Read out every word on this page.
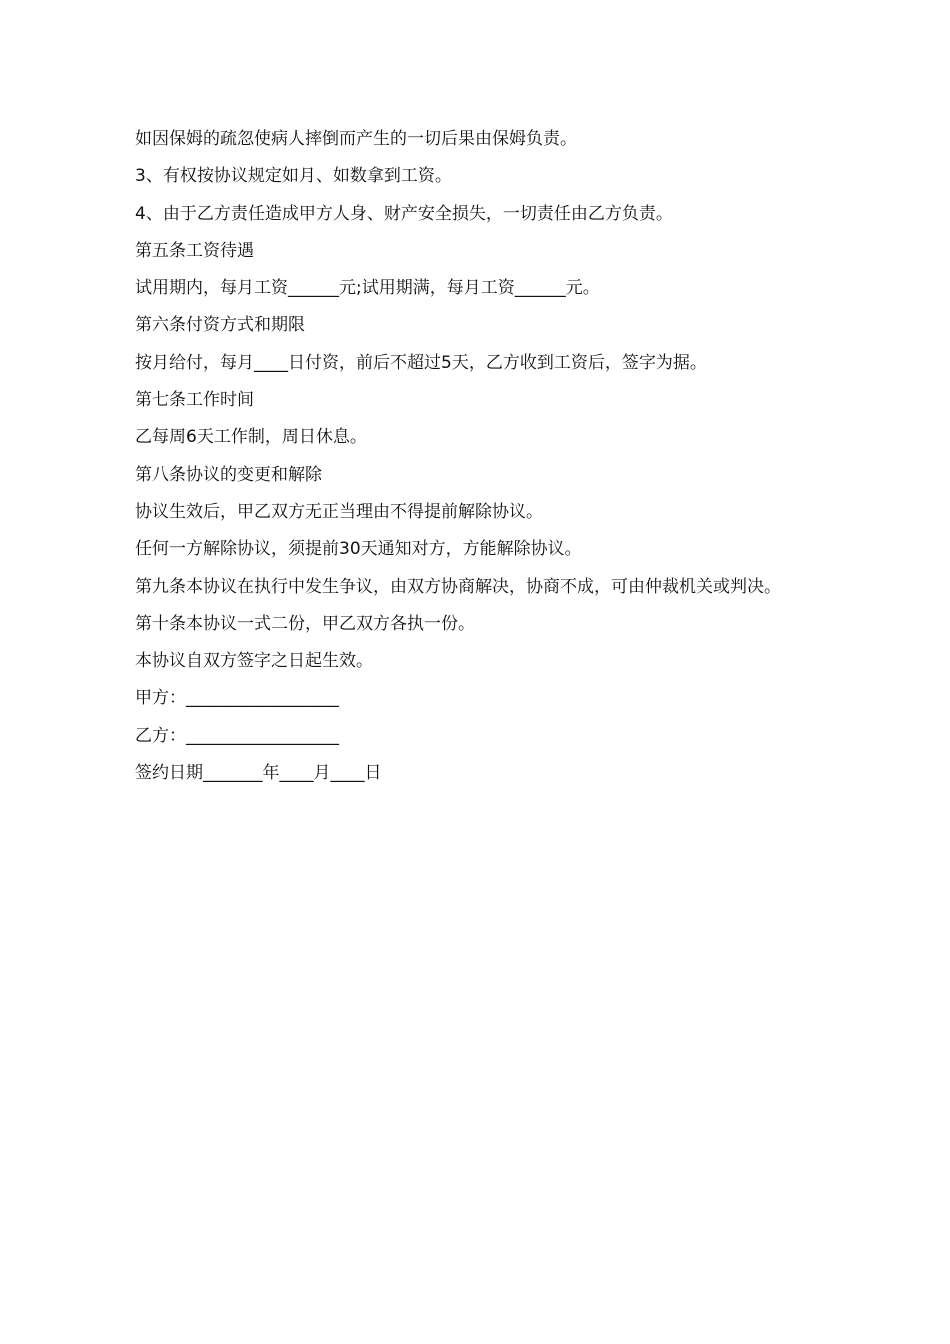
如因保姆的疏忽使病人摔倒而产生的一切后果由保姆负责。

3、有权按协议规定如月、如数拿到工资。

4、由于乙方责任造成甲方人身、财产安全损失，一切责任由乙方负责。

第五条工资待遇

试用期内，每月工资______元;试用期满，每月工资______元。

第六条付资方式和期限

按月给付，每月____日付资，前后不超过5天，乙方收到工资后，签字为据。

第七条工作时间

乙每周6天工作制，周日休息。

第八条协议的变更和解除

协议生效后，甲乙双方无正当理由不得提前解除协议。

任何一方解除协议，须提前30天通知对方，方能解除协议。

第九条本协议在执行中发生争议，由双方协商解决，协商不成，可由仲裁机关或判决。

第十条本协议一式二份，甲乙双方各执一份。

本协议自双方签字之日起生效。

甲方：__________________

乙方：__________________

签约日期_______年____月____日
